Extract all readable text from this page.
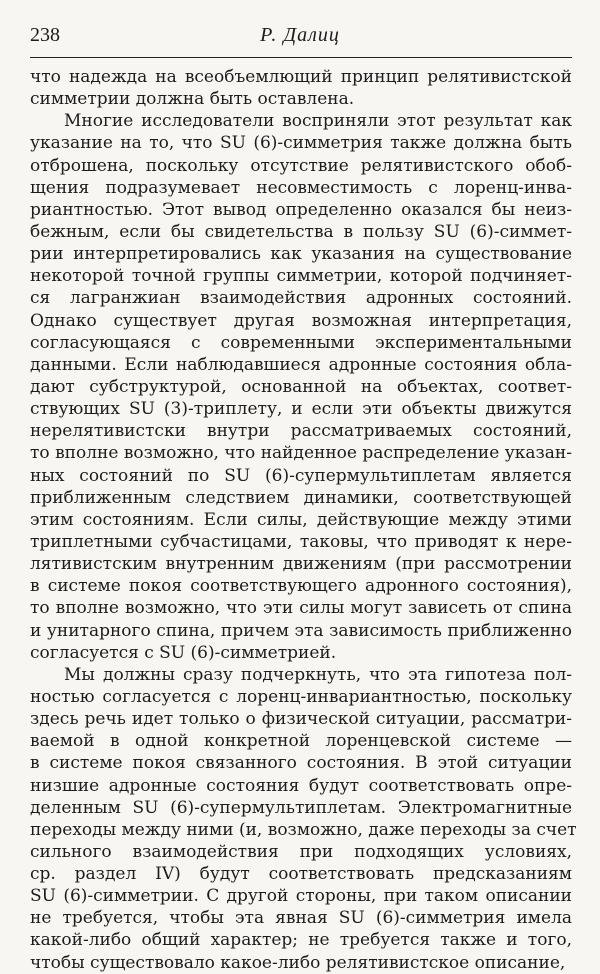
238	Р. Далиц
что надежда на всеобъемлющий принцип релятивистской
симметрии должна быть оставлена.
Многие исследователи восприняли этот результат как
указание на то, что SU (6)-симметрия также должна быть
отброшена, поскольку отсутствие релятивистского обоб-
щения подразумевает несовместимость с лоренц-инва-
риантностью. Этот вывод определенно оказался бы неиз-
бежным, если бы свидетельства в пользу SU (6)-симмет-
рии интерпретировались как указания на существование
некоторой точной группы симметрии, которой подчиняет-
ся лагранжиан взаимодействия адронных состояний.
Однако существует другая возможная интерпретация,
согласующаяся с современными экспериментальными
данными. Если наблюдавшиеся адронные состояния обла-
дают субструктурой, основанной на объектах, соответ-
ствующих SU (3)-триплету, и если эти объекты движутся
нерелятивистски внутри рассматриваемых состояний,
то вполне возможно, что найденное распределение указан-
ных состояний по SU (6)-супермультиплетам является
приближенным следствием динамики, соответствующей
этим состояниям. Если силы, действующие между этими
триплетными субчастицами, таковы, что приводят к нере-
лятивистским внутренним движениям (при рассмотрении
в системе покоя соответствующего адронного состояния),
то вполне возможно, что эти силы могут зависеть от спина
и унитарного спина, причем эта зависимость приближенно
согласуется с SU (6)-симметрией.
Мы должны сразу подчеркнуть, что эта гипотеза пол-
ностью согласуется с лоренц-инвариантностью, поскольку
здесь речь идет только о физической ситуации, рассматри-
ваемой в одной конкретной лоренцевской системе —
в системе покоя связанного состояния. В этой ситуации
низшие адронные состояния будут соответствовать опре-
деленным SU (6)-супермультиплетам. Электромагнитные
переходы между ними (и, возможно, даже переходы за счет
сильного взаимодействия при подходящих условиях,
ср. раздел IV) будут соответствовать предсказаниям
SU (6)-симметрии. С другой стороны, при таком описании
не требуется, чтобы эта явная SU (6)-симметрия имела
какой-либо общий характер; не требуется также и того,
чтобы существовало какое-либо релятивистское описание,
